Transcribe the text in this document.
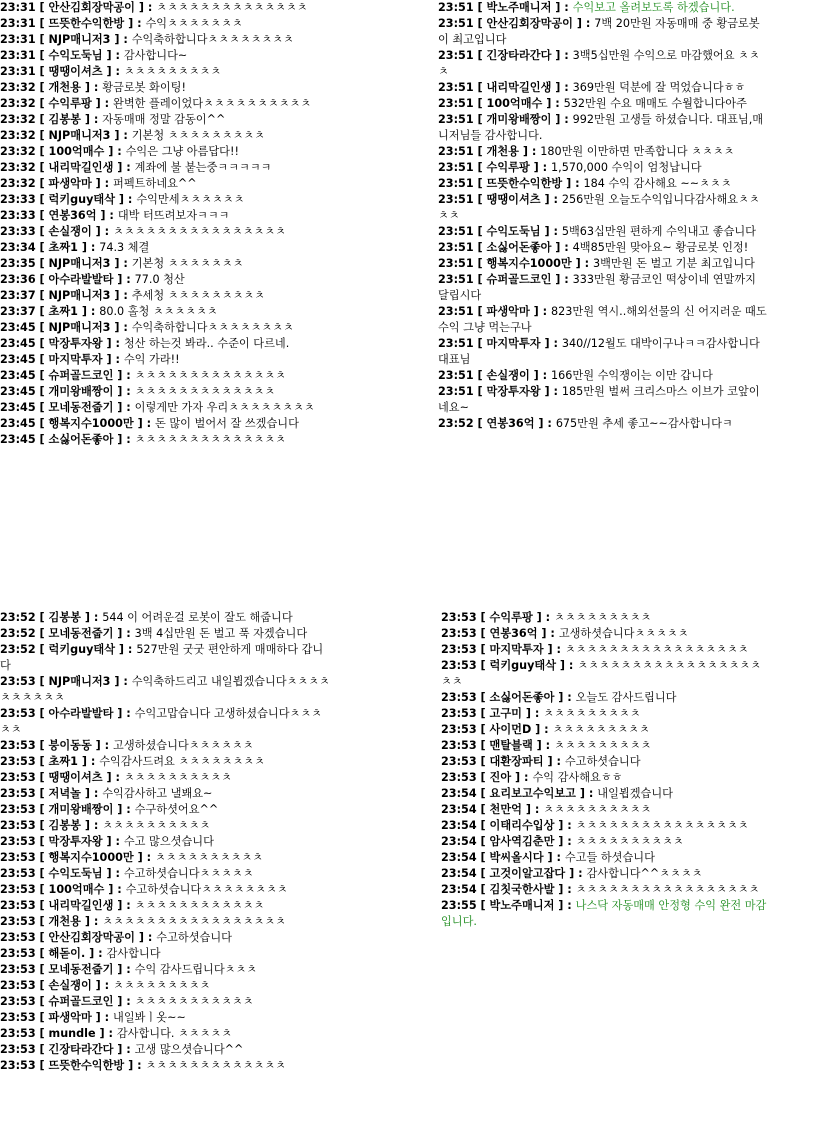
23:31 [ 안산김회장막공이 ] : ㅊㅊㅊㅊㅊㅊㅊㅊㅊㅊㅊㅊㅊㅊ
23:31 [ 뜨뜻한수익한방 ] : 수익ㅊㅊㅊㅊㅊㅊㅊ
23:31 [ NJP매니저3 ] : 수익축하합니다ㅊㅊㅊㅊㅊㅊㅊㅊ
23:31 [ 수익도둑님 ] : 감사합니다~
23:31 [ 땡땡이셔츠 ] : ㅊㅊㅊㅊㅊㅊㅊㅊㅊ
23:32 [ 개천용 ] : 황금로봇 화이팅!
23:32 [ 수익루팡 ] : 완벽한 플레이었다ㅊㅊㅊㅊㅊㅊㅊㅊㅊㅊ
23:32 [ 김봉봉 ] : 자동매매 정말 감동이^^
23:32 [ NJP매니저3 ] : 기본청 ㅊㅊㅊㅊㅊㅊㅊㅊㅊ
23:32 [ 100억매수 ] : 수익은 그냥 아름답다!!
23:32 [ 내리막길인생 ] : 계좌에 불 붙는중ㅋㅋㅋㅋㅋ
23:32 [ 파생악마 ] : 퍼펙트하네요^^
23:33 [ 럭키guy태삭 ] : 수익만세ㅊㅊㅊㅊㅊㅊ
23:33 [ 연봉36억 ] : 대박 터뜨려보자ㅋㅋㅋ
23:33 [ 손실쟁이 ] : ㅊㅊㅊㅊㅊㅊㅊㅊㅊㅊㅊㅊㅊㅊㅊㅊ
23:34 [ 초짜1 ] : 74.3 체결
23:35 [ NJP매니저3 ] : 기본청 ㅊㅊㅊㅊㅊㅊㅊ
23:36 [ 아수라발발타 ] : 77.0 청산
23:37 [ NJP매니저3 ] : 추세청 ㅊㅊㅊㅊㅊㅊㅊㅊㅊ
23:37 [ 초짜1 ] : 80.0 홀청 ㅊㅊㅊㅊㅊㅊ
23:45 [ NJP매니저3 ] : 수익축하합니다ㅊㅊㅊㅊㅊㅊㅊㅊ
23:45 [ 막장투자왕 ] : 청산 하는것 봐라.. 수준이 다르네.
23:45 [ 마지막투자 ] : 수익 가라!!
23:45 [ 슈퍼골드코인 ] : ㅊㅊㅊㅊㅊㅊㅊㅊㅊㅊㅊㅊㅊㅊ
23:45 [ 개미왕배짱이 ] : ㅊㅊㅊㅊㅊㅊㅊㅊㅊㅊㅊㅊㅊ
23:45 [ 모네동전줍기 ] : 이렇게만 가자 우리ㅊㅊㅊㅊㅊㅊㅊㅊ
23:45 [ 행복지수1000만 ] : 돈 많이 벌어서 잘 쓰겠습니다
23:45 [ 소싫어돈좋아 ] : ㅊㅊㅊㅊㅊㅊㅊㅊㅊㅊㅊㅊㅊㅊ
23:51 [ 박노주매니저 ] : 수익보고 올려보도록 하겠습니다.
23:51 [ 안산김회장막공이 ] : 7백 20만원 자동매매 중 황금로봇이 최고입니다
23:51 [ 긴장타라간다 ] : 3백5십만원 수익으로 마감했어요 ㅊㅊㅊ
23:51 [ 내리막길인생 ] : 369만원 덕분에 잘 먹었습니다ㅎㅎ
23:51 [ 100억매수 ] : 532만원 수요 매매도 수월합니다아주
23:51 [ 개미왕배짱이 ] : 992만원 고생들 하셨습니다. 대표님,매니저님들 감사합니다.
23:51 [ 개천용 ] : 180만원 이만하면 만족합니다 ㅊㅊㅊㅊ
23:51 [ 수익루팡 ] : 1,570,000 수익이 엄청납니다
23:51 [ 뜨뜻한수익한방 ] : 184 수익 감사해요 ~~ㅊㅊㅊ
23:51 [ 땡땡이셔츠 ] : 256만원 오늘도수익입니다감사해요ㅊㅊㅊㅊ
23:51 [ 수익도둑님 ] : 5백63십만원 편하게 수익내고 좋습니다
23:51 [ 소싫어돈좋아 ] : 4백85만원 맞아요~ 황금로봇 인정!
23:51 [ 행복지수1000만 ] : 3백만원 돈 벌고 기분 최고입니다
23:51 [ 슈퍼골드코인 ] : 333만원 황금코인 떡상이네 연말까지 달립시다
23:51 [ 파생악마 ] : 823만원 역시..해외선물의 신 어지러운 때도 수익 그냥 먹는구나
23:51 [ 마지막투자 ] : 340//12월도 대박이구나ㅋㅋ감사합니다 대표님
23:51 [ 손실쟁이 ] : 166만원 수익쟁이는 이만 갑니다
23:51 [ 막장투자왕 ] : 185만원 벌써 크리스마스 이브가 코앞이네요~
23:52 [ 연봉36억 ] : 675만원 추세 좋고~~감사합니다ㅋ
23:52 [ 김봉봉 ] : 544 이 어려운걸 로봇이 잘도 해줍니다
23:52 [ 모네동전줍기 ] : 3백 4십만원 돈 벌고 푹 자겠습니다
23:52 [ 럭키guy태삭 ] : 527만원 굿굿 편안하게 매매하다 갑니다
23:53 [ NJP매니저3 ] : 수익축하드리고 내일뵙겠습니다ㅊㅊㅊㅊㅊㅊㅊㅊㅊㅊ
23:53 [ 아수라발발타 ] : 수익고맙습니다 고생하셨습니다ㅊㅊㅊㅊㅊ
23:53 [ 붕이동동 ] : 고생하셨습니다ㅊㅊㅊㅊㅊㅊ
23:53 [ 초짜1 ] : 수익감사드려요 ㅊㅊㅊㅊㅊㅊㅊㅊ
23:53 [ 땡땡이셔츠 ] : ㅊㅊㅊㅊㅊㅊㅊㅊㅊㅊ
23:53 [ 저녁놀 ] : 수익감사하고 낼봬요~
23:53 [ 개미왕배짱이 ] : 수구하셧어요^^
23:53 [ 김봉봉 ] : ㅊㅊㅊㅊㅊㅊㅊㅊㅊㅊ
23:53 [ 막장투자왕 ] : 수고 많으셧습니다
23:53 [ 행복지수1000만 ] : ㅊㅊㅊㅊㅊㅊㅊㅊㅊㅊ
23:53 [ 수익도둑님 ] : 수고하셧습니다ㅊㅊㅊㅊㅊ
23:53 [ 100억매수 ] : 수고하셧습니다ㅊㅊㅊㅊㅊㅊㅊㅊ
23:53 [ 내리막길인생 ] : ㅊㅊㅊㅊㅊㅊㅊㅊㅊㅊㅊㅊ
23:53 [ 개천용 ] : ㅊㅊㅊㅊㅊㅊㅊㅊㅊㅊㅊㅊㅊㅊㅊㅊㅊ
23:53 [ 안산김회장막공이 ] : 수고하셧습니다
23:53 [ 해돋이. ] : 감사합니다
23:53 [ 모네동전줍기 ] : 수익 감사드립니다ㅊㅊㅊ
23:53 [ 손실쟁이 ] : ㅊㅊㅊㅊㅊㅊㅊㅊㅊ
23:53 [ 슈퍼골드코인 ] : ㅊㅊㅊㅊㅊㅊㅊㅊㅊㅊㅊ
23:53 [ 파생악마 ] : 내일봐ㅣ옷~~
23:53 [ mundle ] : 감사합니다. ㅊㅊㅊㅊㅊ
23:53 [ 긴장타라간다 ] : 고생 많으셧습니다^^
23:53 [ 뜨뜻한수익한방 ] : ㅊㅊㅊㅊㅊㅊㅊㅊㅊㅊㅊㅊㅊ
23:53 [ 수익루팡 ] : ㅊㅊㅊㅊㅊㅊㅊㅊㅊ
23:53 [ 연봉36억 ] : 고생하셧습니다ㅊㅊㅊㅊㅊ
23:53 [ 마지막투자 ] : ㅊㅊㅊㅊㅊㅊㅊㅊㅊㅊㅊㅊㅊㅊㅊㅊㅊ
23:53 [ 럭키guy태삭 ] : ㅊㅊㅊㅊㅊㅊㅊㅊㅊㅊㅊㅊㅊㅊㅊㅊㅊㅊㅊ
23:53 [ 소싫어돈좋아 ] : 오늘도 감사드립니다
23:53 [ 고구미 ] : ㅊㅊㅊㅊㅊㅊㅊㅊㅊ
23:53 [ 사이먼D ] : ㅊㅊㅊㅊㅊㅊㅊㅊㅊ
23:53 [ 맨탈블랙 ] : ㅊㅊㅊㅊㅊㅊㅊㅊㅊ
23:53 [ 대환장파티 ] : 수고하셧습니다
23:53 [ 진아 ] : 수익 감사해요ㅎㅎ
23:54 [ 요리보고수익보고 ] : 내일뵙겠습니다
23:54 [ 천만억 ] : ㅊㅊㅊㅊㅊㅊㅊㅊㅊㅊ
23:54 [ 이태리수입상 ] : ㅊㅊㅊㅊㅊㅊㅊㅊㅊㅊㅊㅊㅊㅊㅊㅊ
23:54 [ 암사역김춘만 ] : ㅊㅊㅊㅊㅊㅊㅊㅊㅊㅊ
23:54 [ 박씨올시다 ] : 수고들 하셧습니다
23:54 [ 고것이알고잡다 ] : 감사합니다^^ㅊㅊㅊㅊ
23:54 [ 김칫국한사발 ] : ㅊㅊㅊㅊㅊㅊㅊㅊㅊㅊㅊㅊㅊㅊㅊㅊㅊ
23:55 [ 박노주매니저 ] : 나스닥 자동매매 안정형 수익 완전 마감입니다.
